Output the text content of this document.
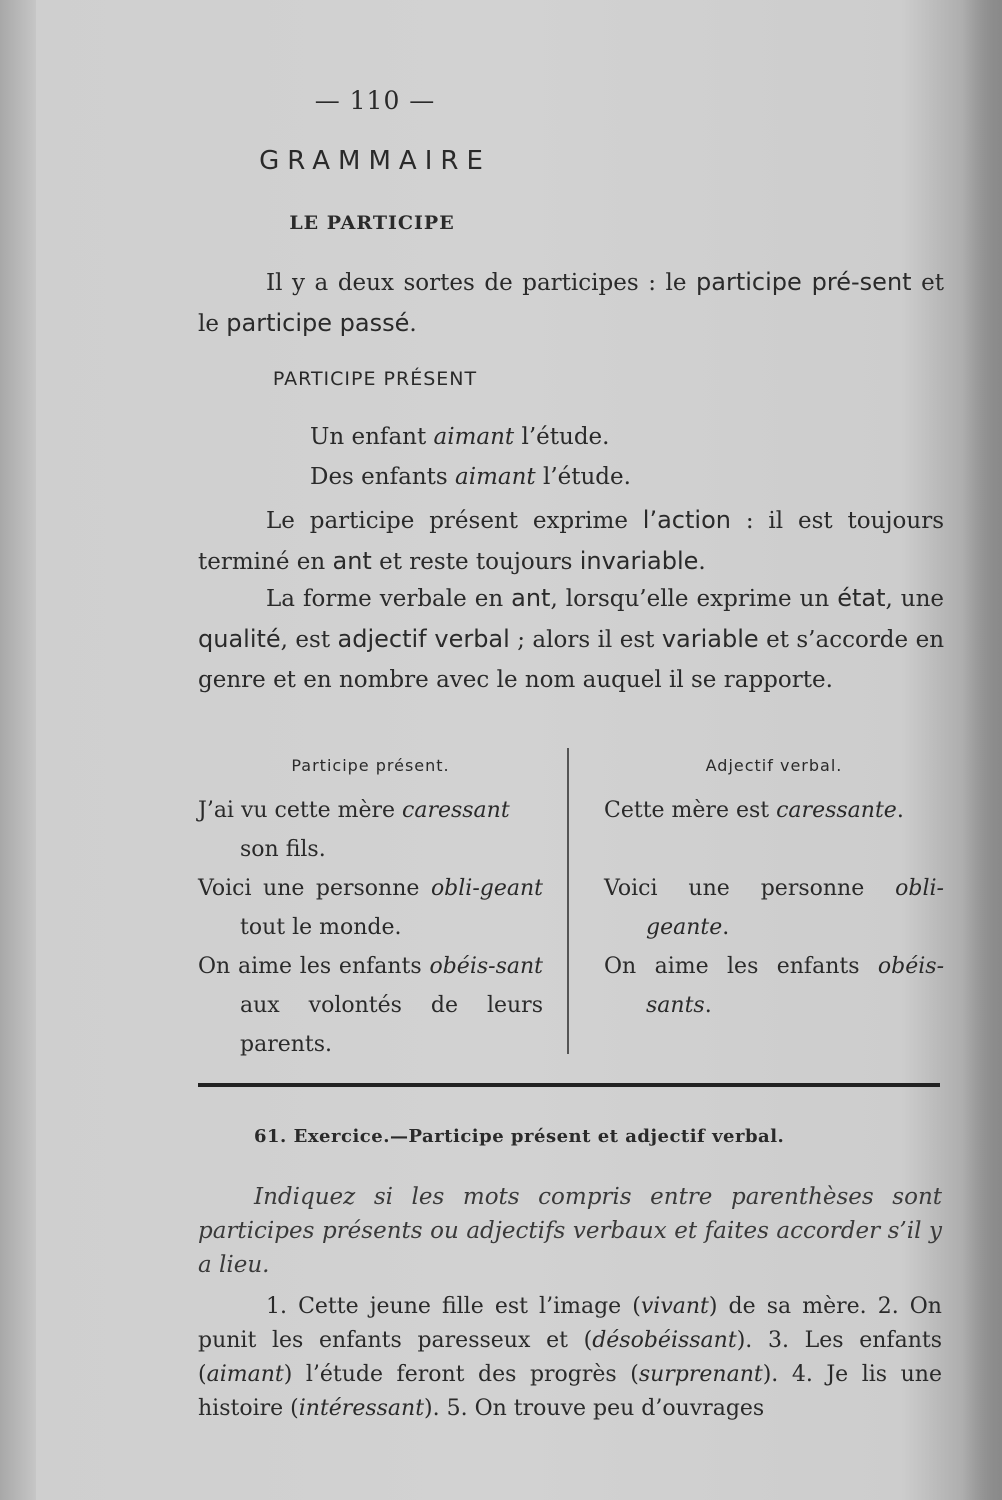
— 110 —
GRAMMAIRE
LE PARTICIPE
Il y a deux sortes de participes : le participe pré-sent et le participe passé.
PARTICIPE PRÉSENT
Un enfant aimant l’étude.
Des enfants aimant l’étude.
Le participe présent exprime l’action : il est toujours terminé en ant et reste toujours invariable.
La forme verbale en ant, lorsqu’elle exprime un état, une qualité, est adjectif verbal ; alors il est variable et s’accorde en genre et en nombre avec le nom auquel il se rapporte.
Participe présent.
J’ai vu cette mère caressant son fils.
Voici une personne obli-geant tout le monde.
On aime les enfants obéis-sant aux volontés de leurs parents.
Adjectif verbal.
Cette mère est caressante.
Voici une personne obli-geante.
On aime les enfants obéis-sants.
61. Exercice.—Participe présent et adjectif verbal.
Indiquez si les mots compris entre parenthèses sont participes présents ou adjectifs verbaux et faites accorder s’il y a lieu.
1. Cette jeune fille est l’image (vivant) de sa mère. 2. On punit les enfants paresseux et (désobéissant). 3. Les enfants (aimant) l’étude feront des progrès (surprenant). 4. Je lis une histoire (intéressant). 5. On trouve peu d’ouvrages
